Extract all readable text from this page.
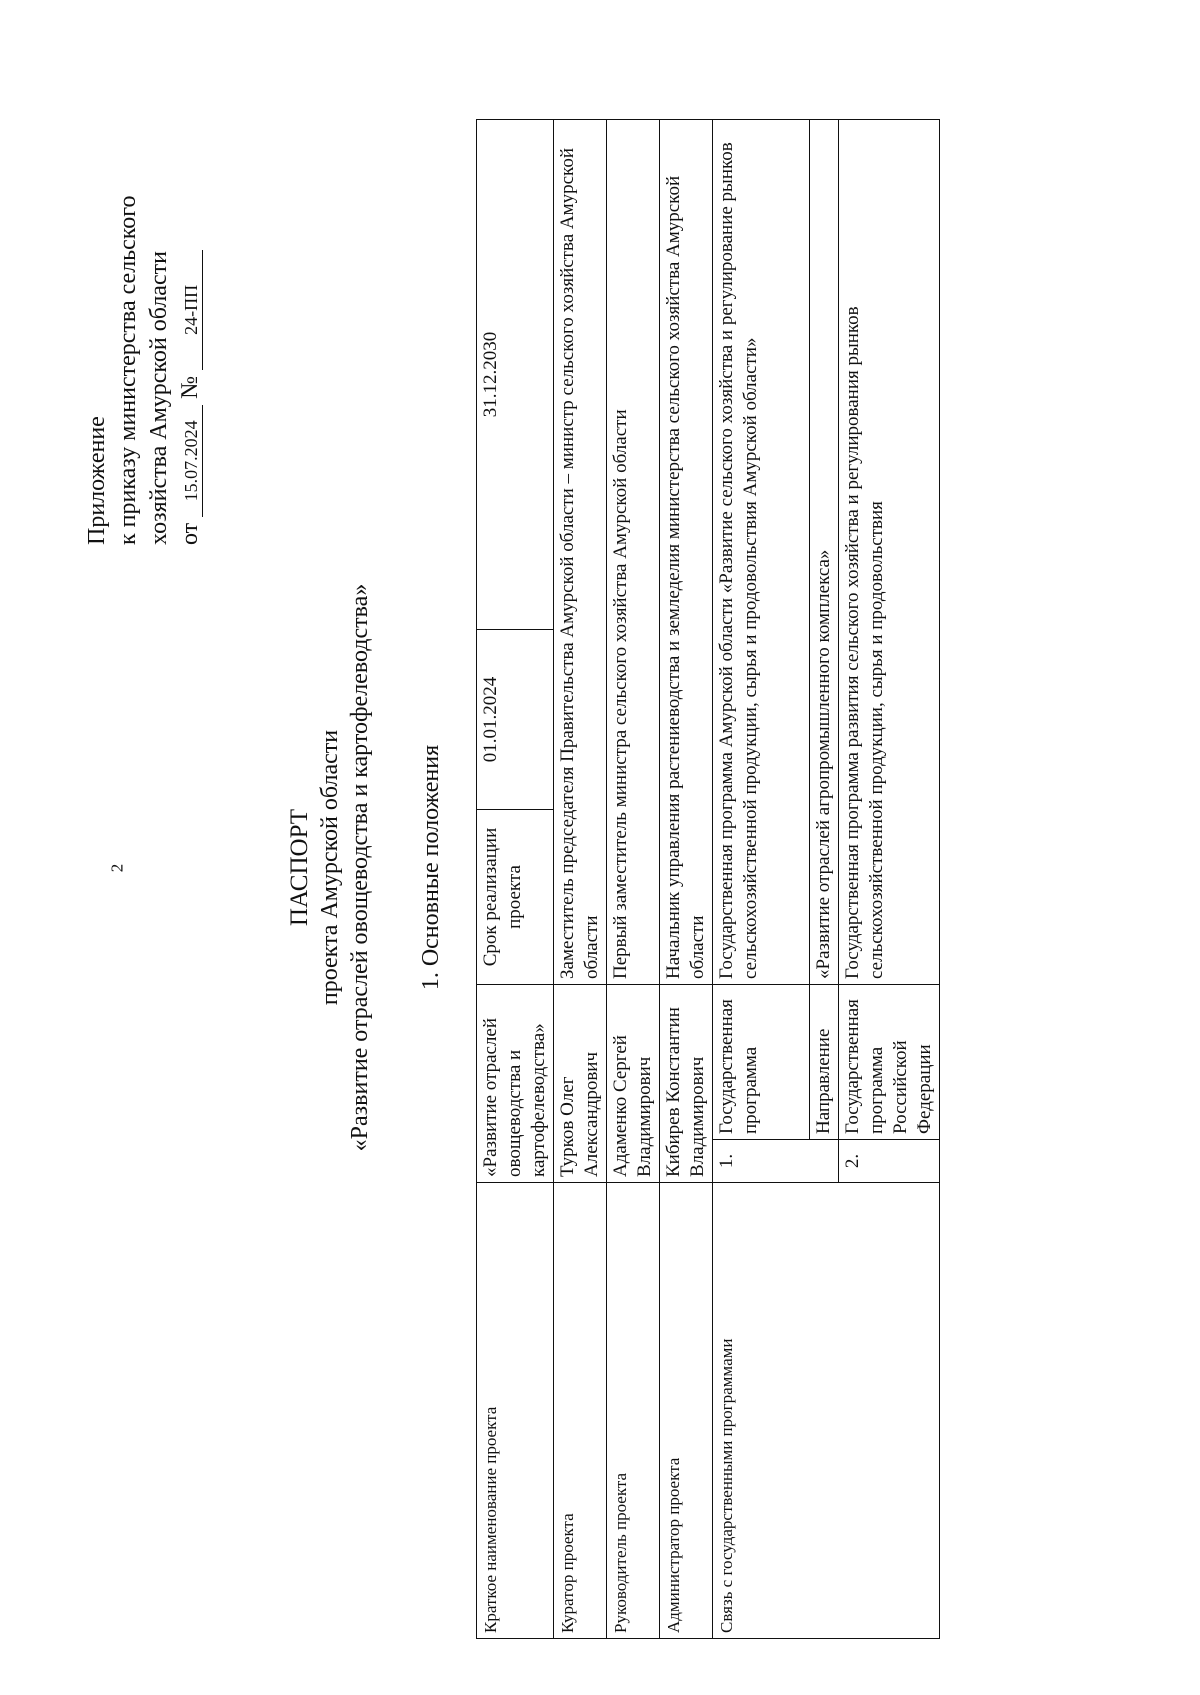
2
Приложение к приказу министерства сельского хозяйства Амурской области от 15.07.2024 № 24-ПП
ПАСПОРТ проекта Амурской области «Развитие отраслей овощеводства и картофелеводства» 1. Основные положения
Краткое наименование проекта	«Развитие отраслей овощеводства и картофелеводства»		Срок реализации проекта	01.01.2024	31.12.2030
Куратор проекта	Турков Олег Александрович		Заместитель председателя Правительства Амурской области – министр сельского хозяйства Амурской области		
Руководитель проекта	Адаменко Сергей Владимирович		Первый заместитель министра сельского хозяйства Амурской области		
Администратор проекта	Кибирев Константин Владимирович		Начальник управления растениеводства и земледелия министерства сельского хозяйства Амурской области		
Связь с государственными программами	1.	Государственная программа	Государственная программа Амурской области «Развитие сельского хозяйства и регулирование рынков сельскохозяйственной продукции, сырья и продовольствия Амурской области»		
		Направление	«Развитие отраслей агропромышленного комплекса»		
	2.	Государственная программа Российской Федерации	Государственная программа развития сельского хозяйства и регулирования рынков сельскохозяйственной продукции, сырья и продовольствия		
